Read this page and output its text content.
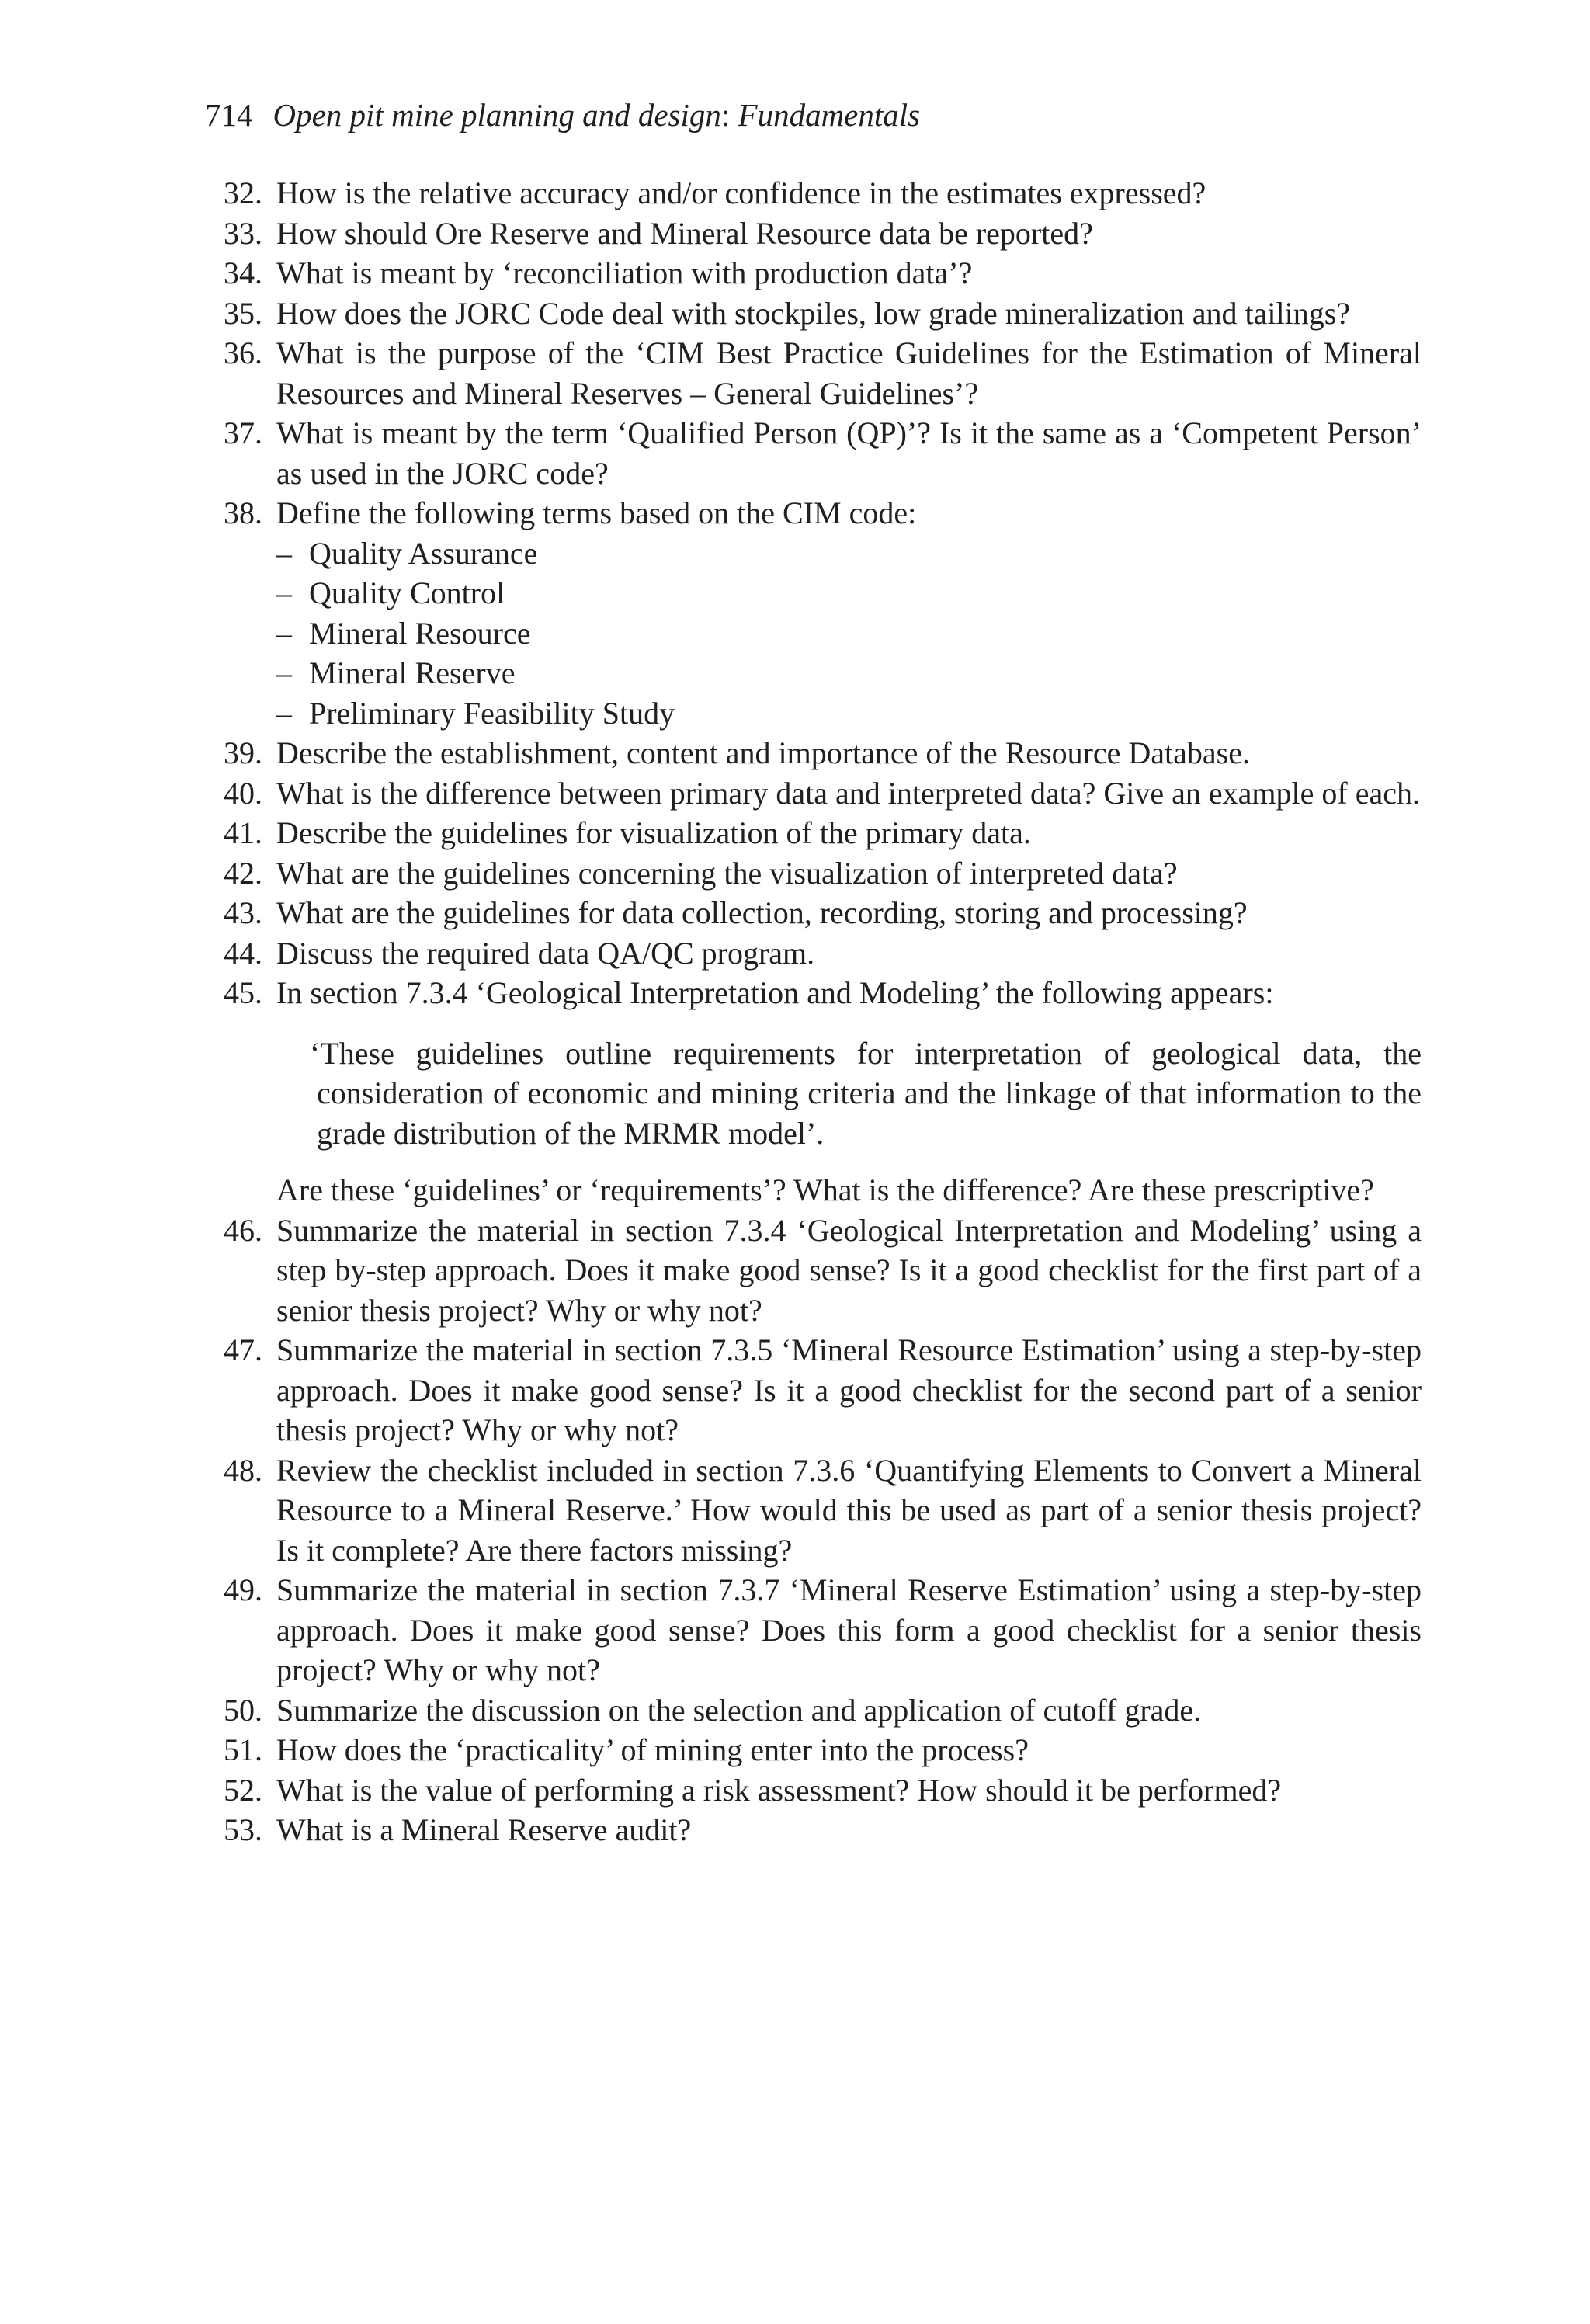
714 Open pit mine planning and design: Fundamentals
32. How is the relative accuracy and/or confidence in the estimates expressed?
33. How should Ore Reserve and Mineral Resource data be reported?
34. What is meant by ‘reconciliation with production data’?
35. How does the JORC Code deal with stockpiles, low grade mineralization and tailings?
36. What is the purpose of the ‘CIM Best Practice Guidelines for the Estimation of Mineral Resources and Mineral Reserves – General Guidelines’?
37. What is meant by the term ‘Qualified Person (QP)’? Is it the same as a ‘Competent Person’ as used in the JORC code?
38. Define the following terms based on the CIM code:
– Quality Assurance
– Quality Control
– Mineral Resource
– Mineral Reserve
– Preliminary Feasibility Study
39. Describe the establishment, content and importance of the Resource Database.
40. What is the difference between primary data and interpreted data? Give an example of each.
41. Describe the guidelines for visualization of the primary data.
42. What are the guidelines concerning the visualization of interpreted data?
43. What are the guidelines for data collection, recording, storing and processing?
44. Discuss the required data QA/QC program.
45. In section 7.3.4 ‘Geological Interpretation and Modeling’ the following appears:
‘These guidelines outline requirements for interpretation of geological data, the consideration of economic and mining criteria and the linkage of that information to the grade distribution of the MRMR model’.
Are these ‘guidelines’ or ‘requirements’? What is the difference? Are these prescriptive?
46. Summarize the material in section 7.3.4 ‘Geological Interpretation and Modeling’ using a step by-step approach. Does it make good sense? Is it a good checklist for the first part of a senior thesis project? Why or why not?
47. Summarize the material in section 7.3.5 ‘Mineral Resource Estimation’ using a step-by-step approach. Does it make good sense? Is it a good checklist for the second part of a senior thesis project? Why or why not?
48. Review the checklist included in section 7.3.6 ‘Quantifying Elements to Convert a Mineral Resource to a Mineral Reserve.’ How would this be used as part of a senior thesis project? Is it complete? Are there factors missing?
49. Summarize the material in section 7.3.7 ‘Mineral Reserve Estimation’ using a step-by-step approach. Does it make good sense? Does this form a good checklist for a senior thesis project? Why or why not?
50. Summarize the discussion on the selection and application of cutoff grade.
51. How does the ‘practicality’ of mining enter into the process?
52. What is the value of performing a risk assessment? How should it be performed?
53. What is a Mineral Reserve audit?
